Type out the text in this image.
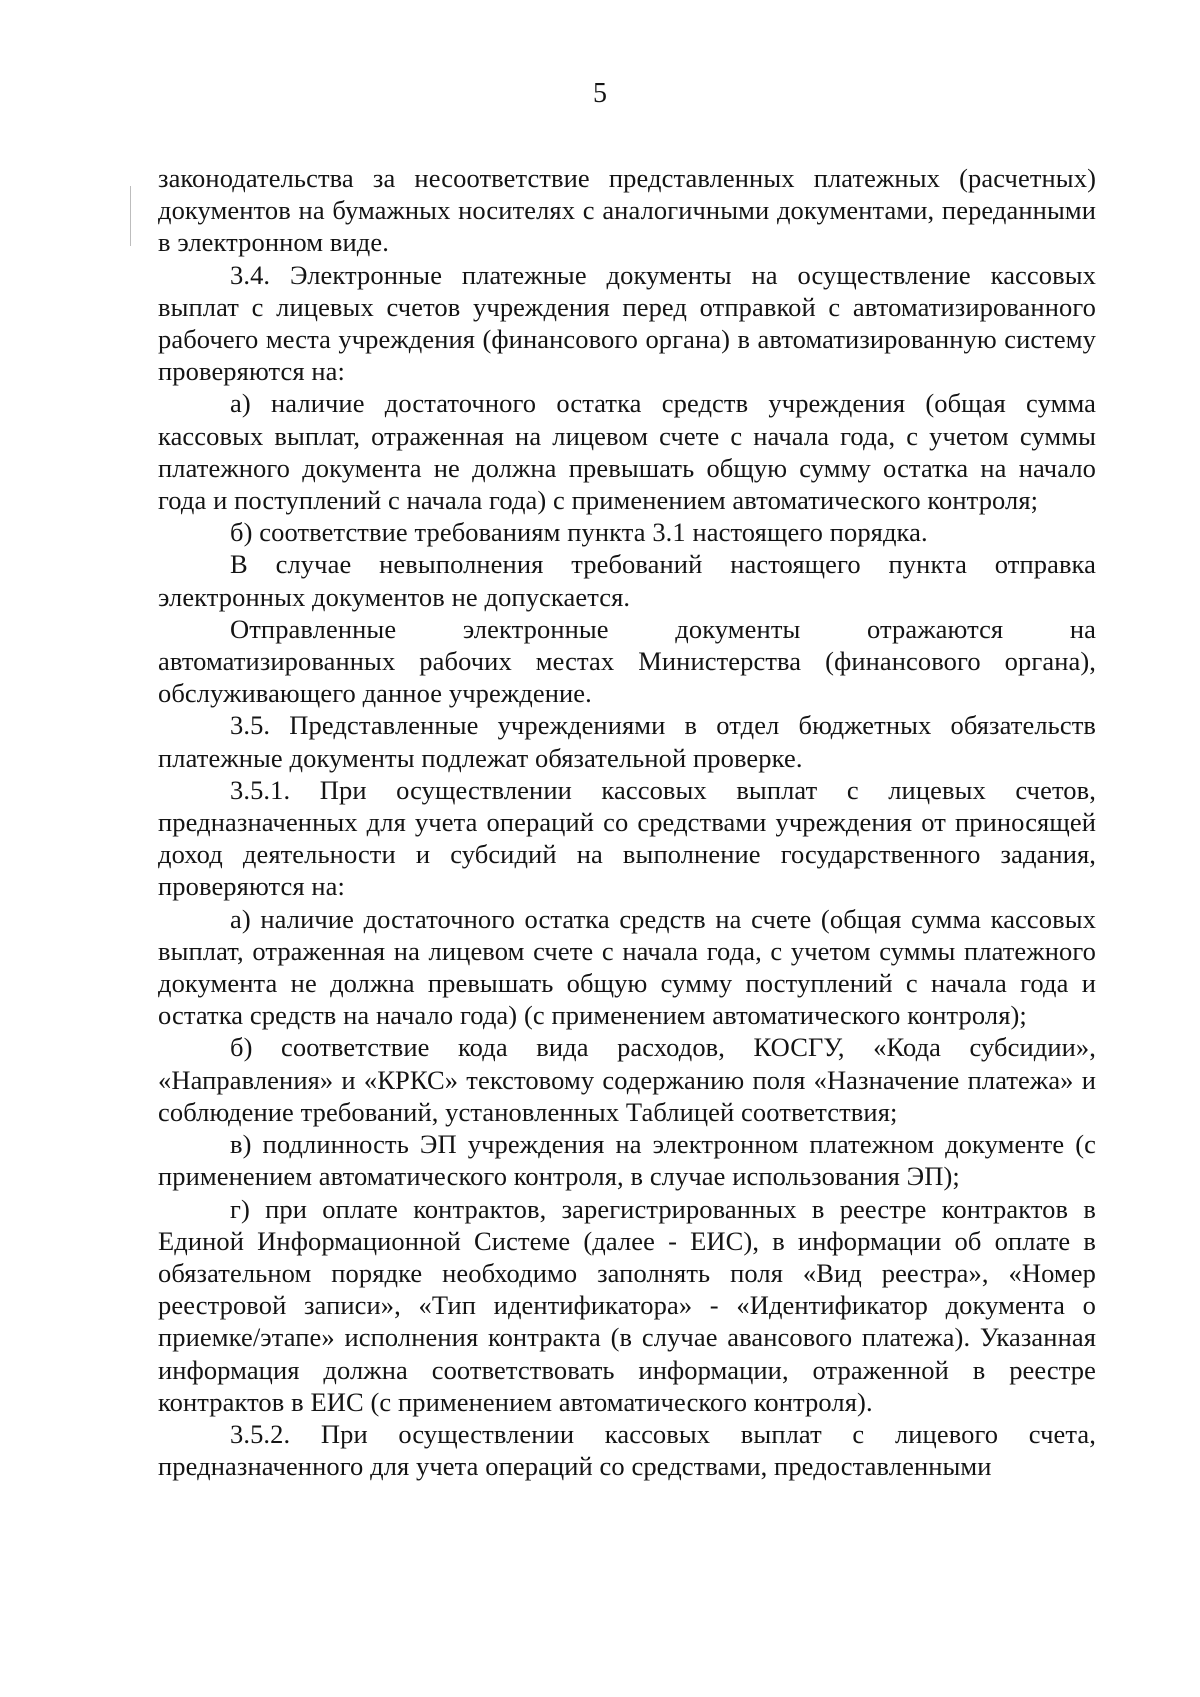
5

законодательства за несоответствие представленных платежных (расчетных) документов на бумажных носителях с аналогичными документами, переданными в электронном виде.

3.4. Электронные платежные документы на осуществление кассовых выплат с лицевых счетов учреждения перед отправкой с автоматизированного рабочего места учреждения (финансового органа) в автоматизированную систему проверяются на:

а) наличие достаточного остатка средств учреждения (общая сумма кассовых выплат, отраженная на лицевом счете с начала года, с учетом суммы платежного документа не должна превышать общую сумму остатка на начало года и поступлений с начала года) с применением автоматического контроля;

б) соответствие требованиям пункта 3.1 настоящего порядка.

В случае невыполнения требований настоящего пункта отправка электронных документов не допускается.

Отправленные электронные документы отражаются на автоматизированных рабочих местах Министерства (финансового органа), обслуживающего данное учреждение.

3.5. Представленные учреждениями в отдел бюджетных обязательств платежные документы подлежат обязательной проверке.

3.5.1. При осуществлении кассовых выплат с лицевых счетов, предназначенных для учета операций со средствами учреждения от приносящей доход деятельности и субсидий на выполнение государственного задания, проверяются на:

а) наличие достаточного остатка средств на счете (общая сумма кассовых выплат, отраженная на лицевом счете с начала года, с учетом суммы платежного документа не должна превышать общую сумму поступлений с начала года и остатка средств на начало года) (с применением автоматического контроля);

б) соответствие кода вида расходов, КОСГУ, «Кода субсидии», «Направления» и «КРКС» текстовому содержанию поля «Назначение платежа» и соблюдение требований, установленных Таблицей соответствия;

в) подлинность ЭП учреждения на электронном платежном документе (с применением автоматического контроля, в случае использования ЭП);

г) при оплате контрактов, зарегистрированных в реестре контрактов в Единой Информационной Системе (далее - ЕИС), в информации об оплате в обязательном порядке необходимо заполнять поля «Вид реестра», «Номер реестровой записи», «Тип идентификатора» - «Идентификатор документа о приемке/этапе» исполнения контракта (в случае авансового платежа). Указанная информация должна соответствовать информации, отраженной в реестре контрактов в ЕИС (с применением автоматического контроля).

3.5.2. При осуществлении кассовых выплат с лицевого счета, предназначенного для учета операций со средствами, предоставленными
